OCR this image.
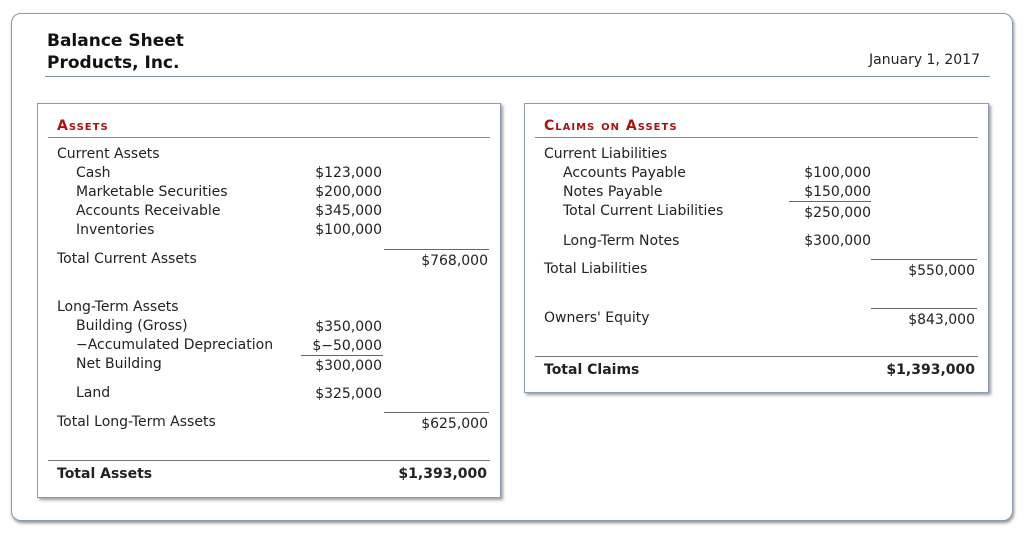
Balance Sheet
Products, Inc.	January 1, 2017
Assets
Current Assets
Cash	$123,000
Marketable Securities	$200,000
Accounts Receivable	$345,000
Inventories	$100,000
Total Current Assets	$768,000
Long-Term Assets
Building (Gross)	$350,000
−Accumulated Depreciation	$−50,000
Net Building	$300,000
Land	$325,000
Total Long-Term Assets	$625,000
Total Assets	$1,393,000
Claims on Assets
Current Liabilities
Accounts Payable	$100,000
Notes Payable	$150,000
Total Current Liabilities	$250,000
Long-Term Notes	$300,000
Total Liabilities	$550,000
Owners' Equity	$843,000
Total Claims	$1,393,000
